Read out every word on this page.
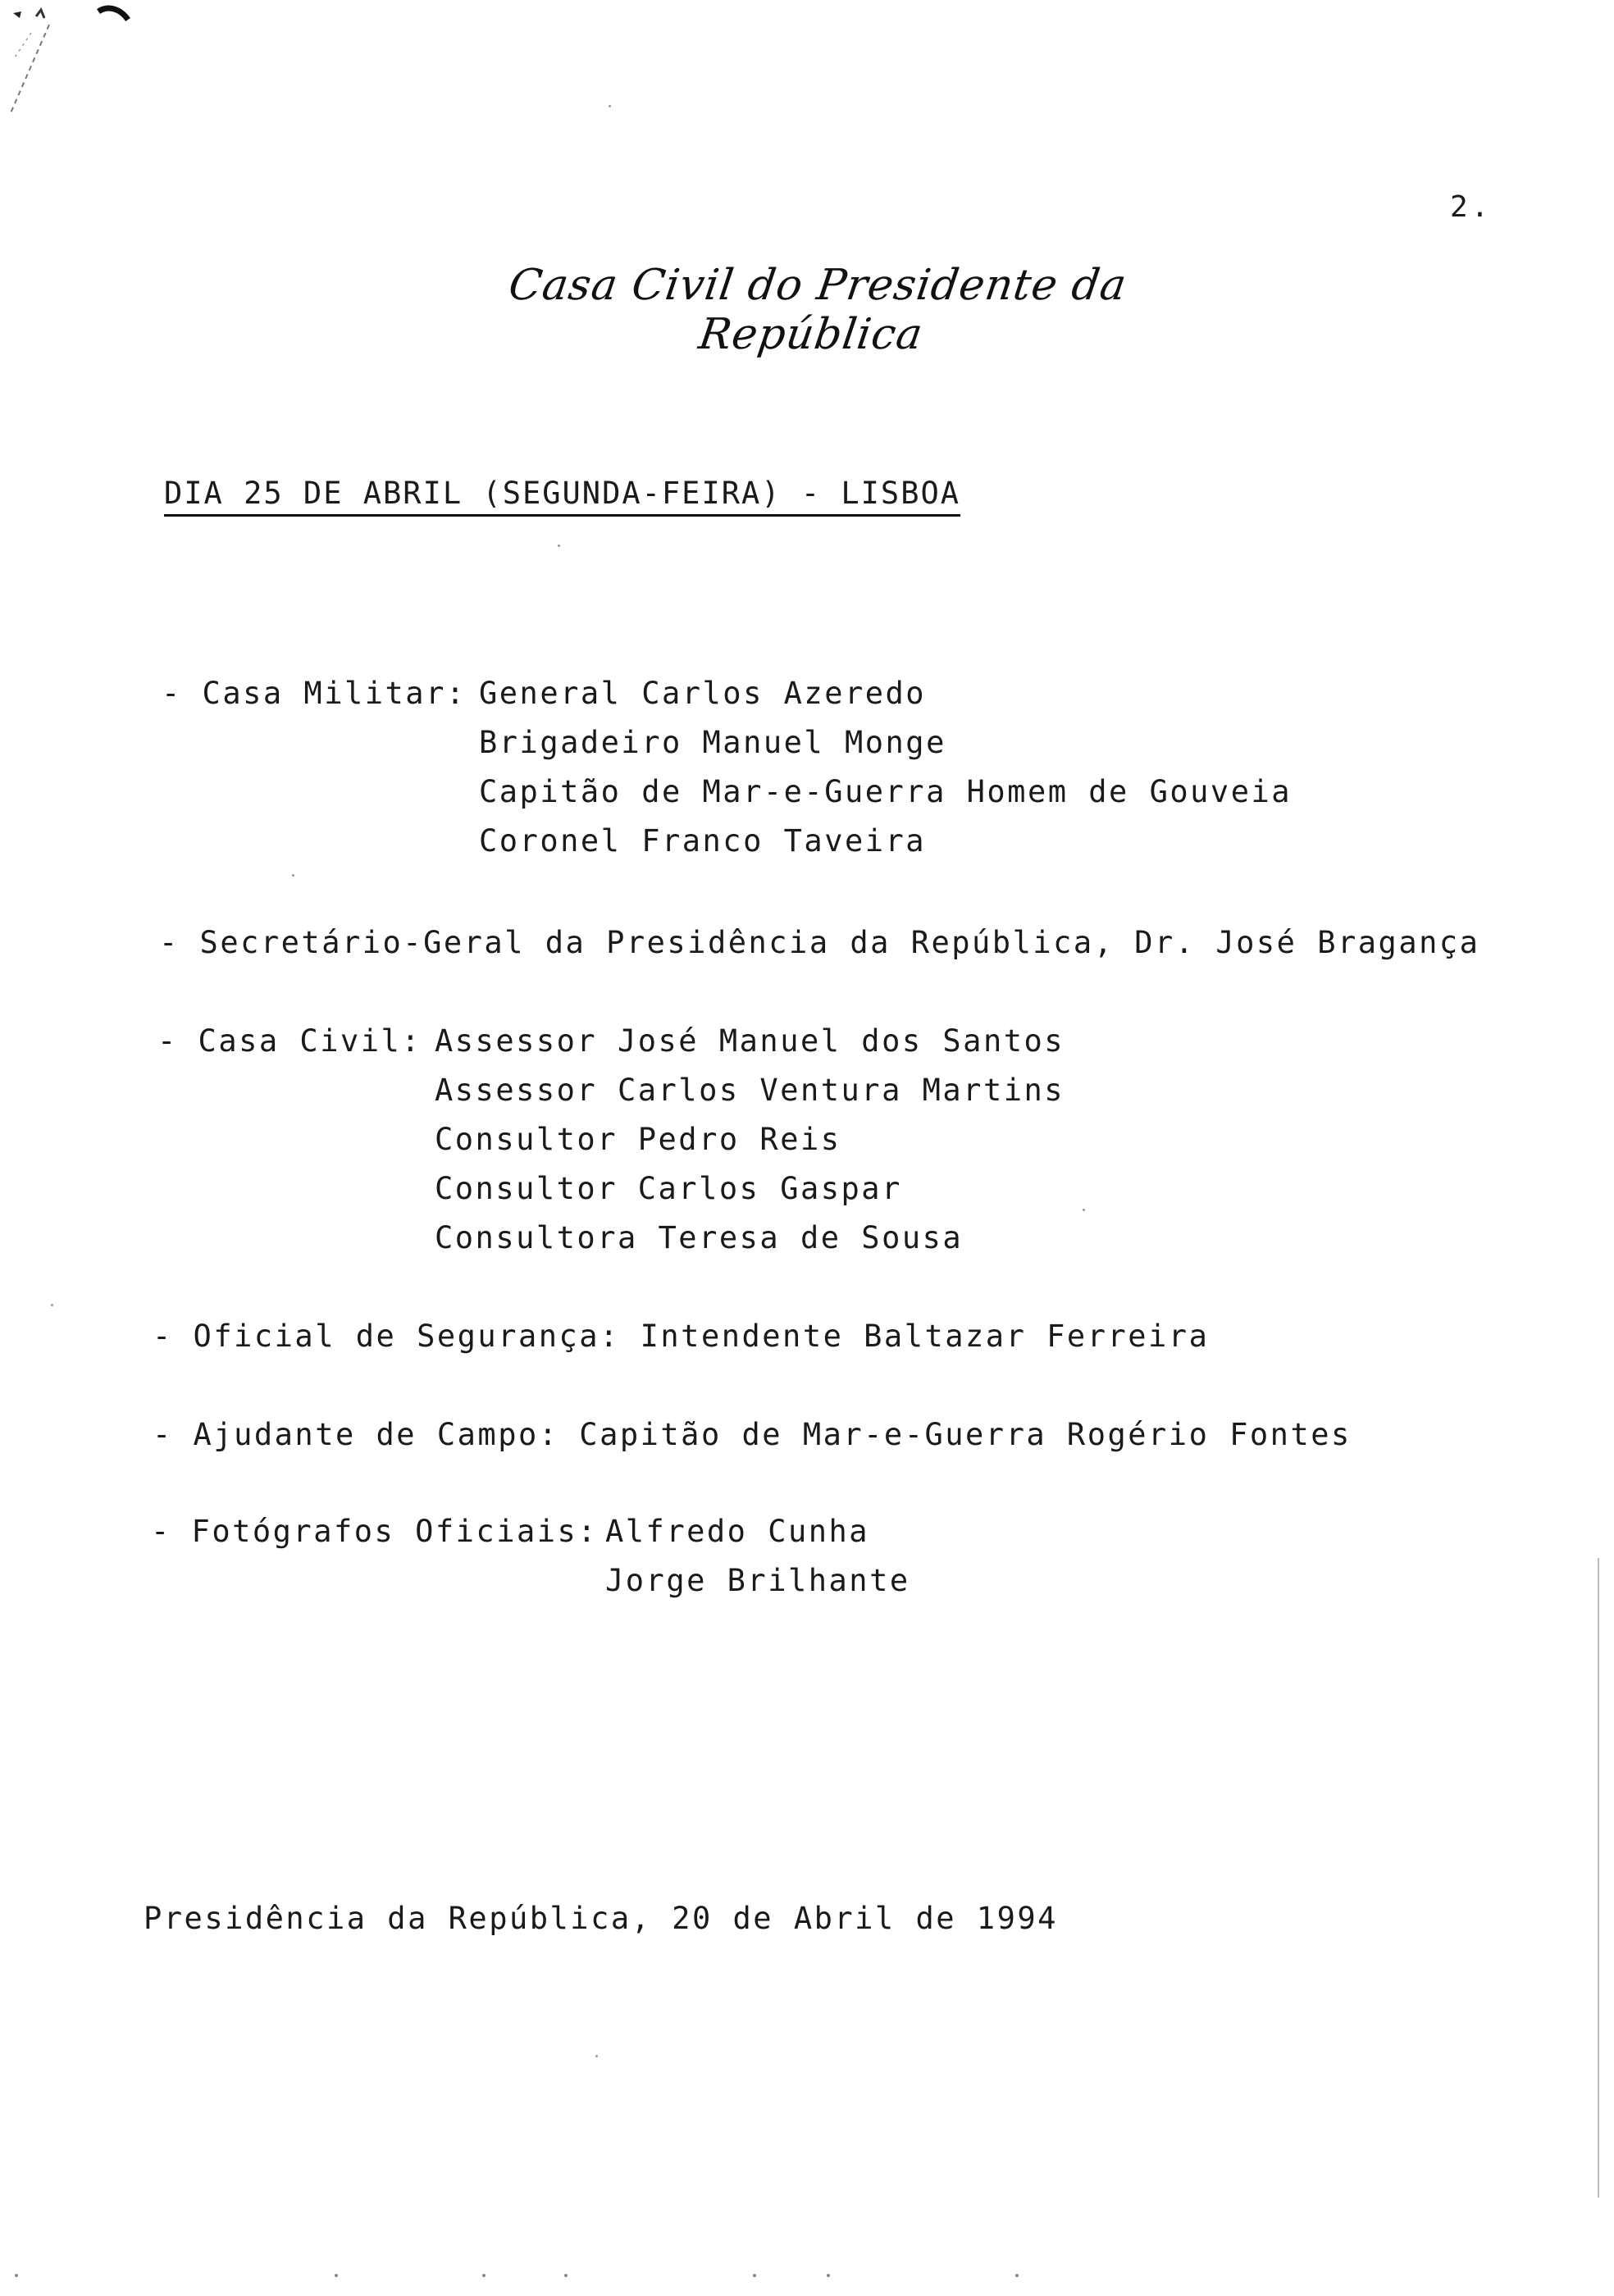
2.
Casa Civil do Presidente da República
DIA 25 DE ABRIL (SEGUNDA-FEIRA) - LISBOA
- Casa Militar: General Carlos Azeredo
Brigadeiro Manuel Monge
Capitão de Mar-e-Guerra Homem de Gouveia
Coronel Franco Taveira
- Secretário-Geral da Presidência da República, Dr. José Bragança
- Casa Civil: Assessor José Manuel dos Santos
Assessor Carlos Ventura Martins
Consultor Pedro Reis
Consultor Carlos Gaspar
Consultora Teresa de Sousa
- Oficial de Segurança: Intendente Baltazar Ferreira
- Ajudante de Campo: Capitão de Mar-e-Guerra Rogério Fontes
- Fotógrafos Oficiais: Alfredo Cunha
Jorge Brilhante
Presidência da República, 20 de Abril de 1994
